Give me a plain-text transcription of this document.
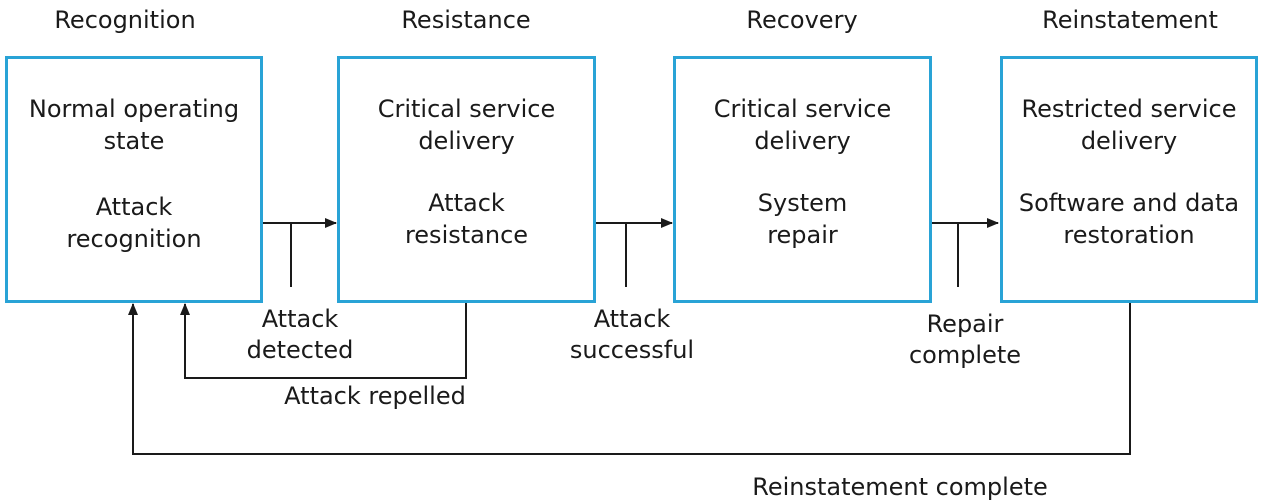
Recognition	Resistance	Recovery	Reinstatement
Normal operating state
Attack recognition
Critical service delivery
Attack resistance
Critical service delivery
System repair
Restricted service delivery
Software and data restoration
Attack detected
Attack successful
Repair complete
Attack repelled
Reinstatement complete
